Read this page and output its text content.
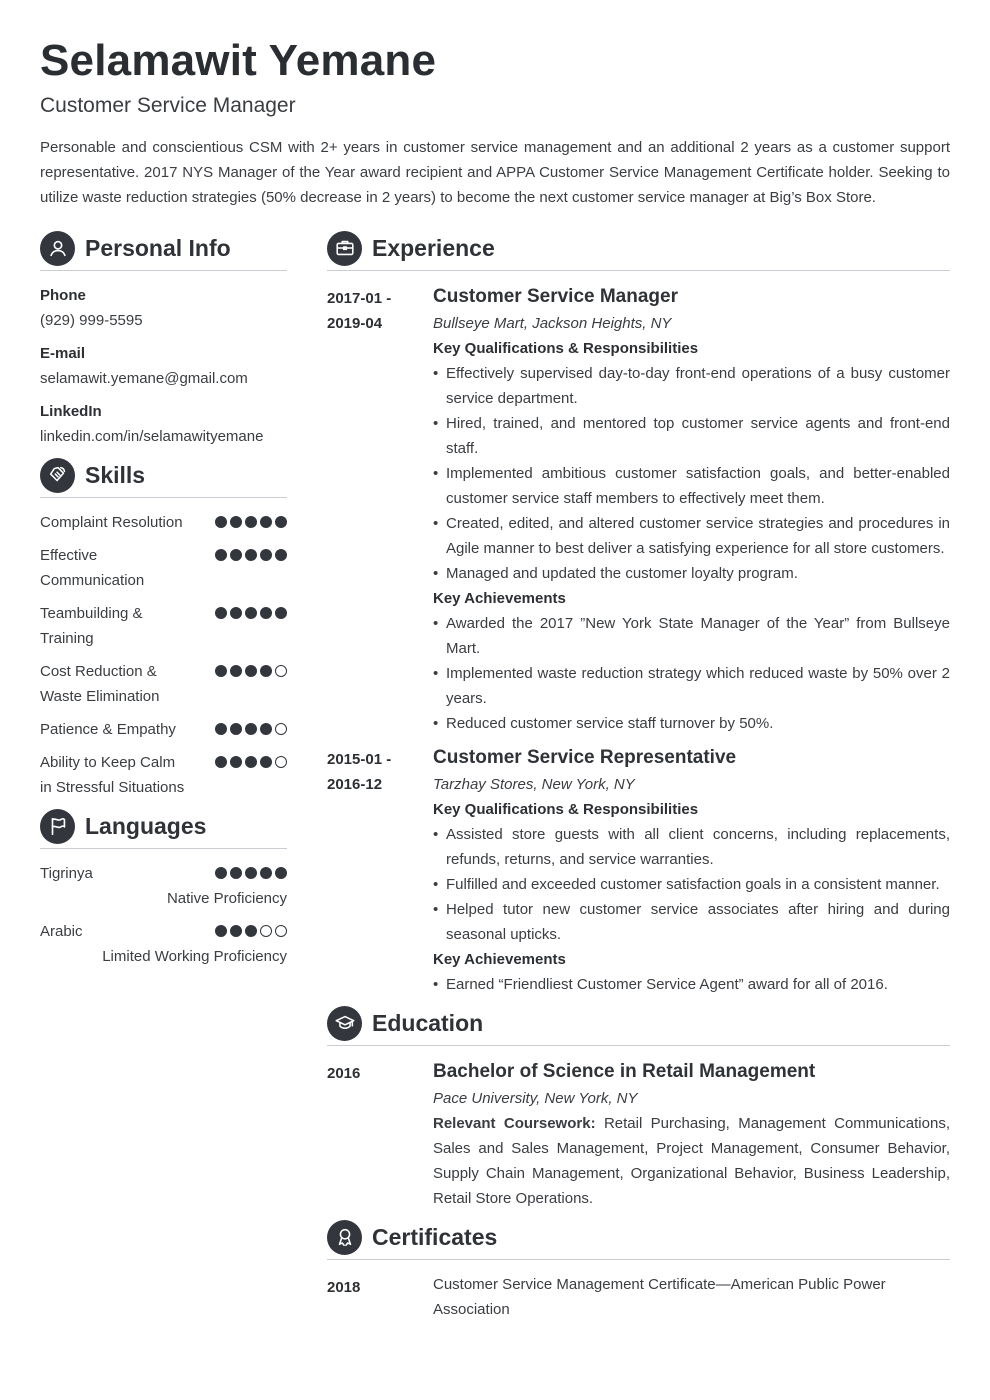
Selamawit Yemane
Customer Service Manager

Personable and conscientious CSM with 2+ years in customer service management and an additional 2 years as a customer support representative. 2017 NYS Manager of the Year award recipient and APPA Customer Service Management Certificate holder. Seeking to utilize waste reduction strategies (50% decrease in 2 years) to become the next customer service manager at Big’s Box Store.

Personal Info
Phone
(929) 999-5595
E-mail
selamawit.yemane@gmail.com
LinkedIn
linkedin.com/in/selamawityemane
Skills
Complaint Resolution
Effective Communication
Teambuilding & Training
Cost Reduction & Waste Elimination
Patience & Empathy
Ability to Keep Calm in Stressful Situations
Languages
Tigrinya
Native Proficiency
Arabic
Limited Working Proficiency
Experience
2017-01 -
2019-04
Customer Service Manager
Bullseye Mart, Jackson Heights, NY
Key Qualifications & Responsibilities
• Effectively supervised day-to-day front-end operations of a busy customer service department.
• Hired, trained, and mentored top customer service agents and front-end staff.
• Implemented ambitious customer satisfaction goals, and better-enabled customer service staff members to effectively meet them.
• Created, edited, and altered customer service strategies and procedures in Agile manner to best deliver a satisfying experience for all store customers.
• Managed and updated the customer loyalty program.
Key Achievements
• Awarded the 2017 ”New York State Manager of the Year” from Bullseye Mart.
• Implemented waste reduction strategy which reduced waste by 50% over 2 years.
• Reduced customer service staff turnover by 50%.
2015-01 -
2016-12
Customer Service Representative
Tarzhay Stores, New York, NY
Key Qualifications & Responsibilities
• Assisted store guests with all client concerns, including replacements, refunds, returns, and service warranties.
• Fulfilled and exceeded customer satisfaction goals in a consistent manner.
• Helped tutor new customer service associates after hiring and during seasonal upticks.
Key Achievements
• Earned “Friendliest Customer Service Agent” award for all of 2016.
Education
2016	Bachelor of Science in Retail Management
Pace University, New York, NY
Relevant Coursework: Retail Purchasing, Management Communications, Sales and Sales Management, Project Management, Consumer Behavior, Supply Chain Management, Organizational Behavior, Business Leadership, Retail Store Operations.
Certificates
2018	Customer Service Management Certificate—American Public Power Association
